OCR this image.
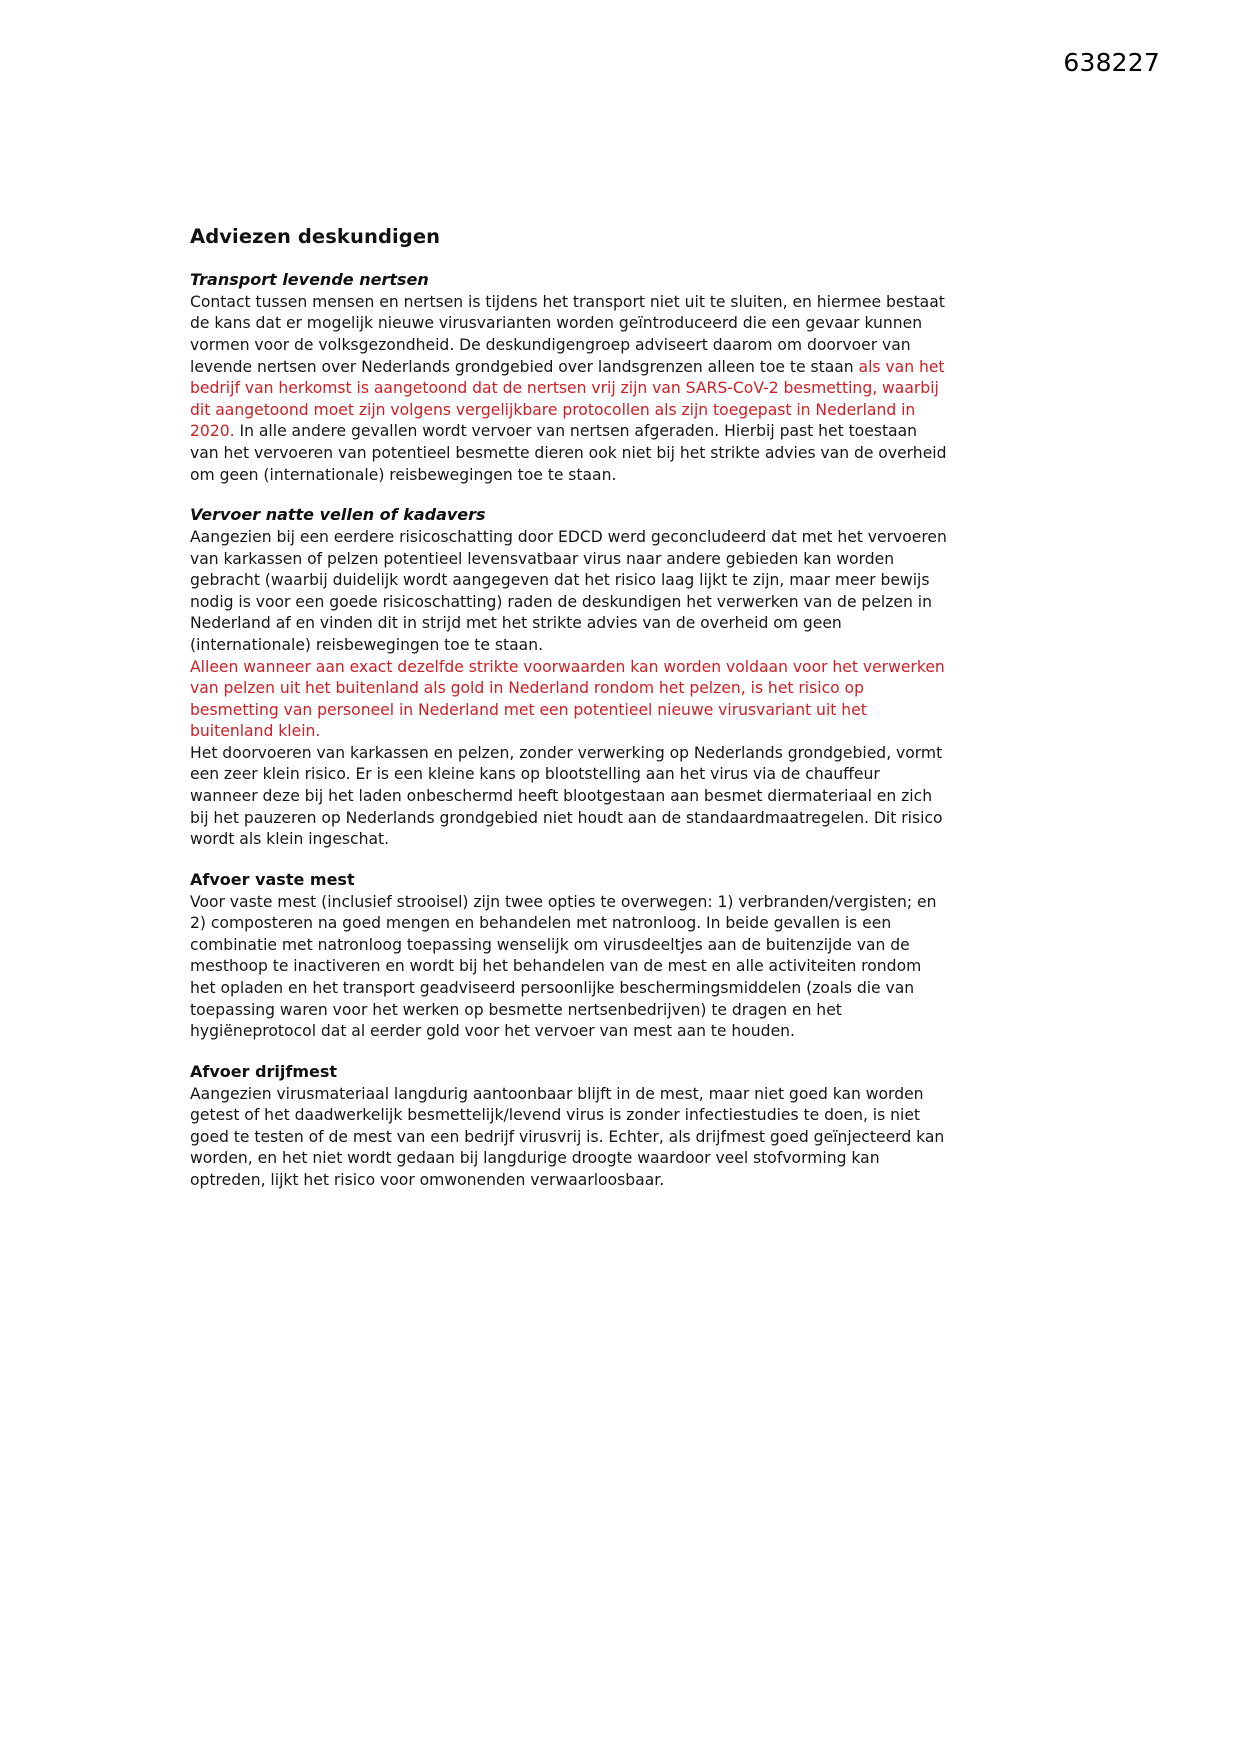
638227
Adviezen deskundigen
Transport levende nertsen

Contact tussen mensen en nertsen is tijdens het transport niet uit te sluiten, en hiermee bestaat de kans dat er mogelijk nieuwe virusvarianten worden geïntroduceerd die een gevaar kunnen vormen voor de volksgezondheid. De deskundigengroep adviseert daarom om doorvoer van levende nertsen over Nederlands grondgebied over landsgrenzen alleen toe te staan als van het bedrijf van herkomst is aangetoond dat de nertsen vrij zijn van SARS-CoV-2 besmetting, waarbij dit aangetoond moet zijn volgens vergelijkbare protocollen als zijn toegepast in Nederland in 2020. In alle andere gevallen wordt vervoer van nertsen afgeraden. Hierbij past het toestaan van het vervoeren van potentieel besmette dieren ook niet bij het strikte advies van de overheid om geen (internationale) reisbewegingen toe te staan.

Vervoer natte vellen of kadavers

Aangezien bij een eerdere risicoschatting door EDCD werd geconcludeerd dat met het vervoeren van karkassen of pelzen potentieel levensvatbaar virus naar andere gebieden kan worden gebracht (waarbij duidelijk wordt aangegeven dat het risico laag lijkt te zijn, maar meer bewijs nodig is voor een goede risicoschatting) raden de deskundigen het verwerken van de pelzen in Nederland af en vinden dit in strijd met het strikte advies van de overheid om geen (internationale) reisbewegingen toe te staan.

Alleen wanneer aan exact dezelfde strikte voorwaarden kan worden voldaan voor het verwerken van pelzen uit het buitenland als gold in Nederland rondom het pelzen, is het risico op besmetting van personeel in Nederland met een potentieel nieuwe virusvariant uit het buitenland klein.

Het doorvoeren van karkassen en pelzen, zonder verwerking op Nederlands grondgebied, vormt een zeer klein risico. Er is een kleine kans op blootstelling aan het virus via de chauffeur wanneer deze bij het laden onbeschermd heeft blootgestaan aan besmet diermateriaal en zich bij het pauzeren op Nederlands grondgebied niet houdt aan de standaardmaatregelen. Dit risico wordt als klein ingeschat.

Afvoer vaste mest

Voor vaste mest (inclusief strooisel) zijn twee opties te overwegen: 1) verbranden/vergisten; en 2) composteren na goed mengen en behandelen met natronloog. In beide gevallen is een combinatie met natronloog toepassing wenselijk om virusdeeltjes aan de buitenzijde van de mesthoop te inactiveren en wordt bij het behandelen van de mest en alle activiteiten rondom het opladen en het transport geadviseerd persoonlijke beschermingsmiddelen (zoals die van toepassing waren voor het werken op besmette nertsenbedrijven) te dragen en het hygiëneprotocol dat al eerder gold voor het vervoer van mest aan te houden.

Afvoer drijfmest

Aangezien virusmateriaal langdurig aantoonbaar blijft in de mest, maar niet goed kan worden getest of het daadwerkelijk besmettelijk/levend virus is zonder infectiestudies te doen, is niet goed te testen of de mest van een bedrijf virusvrij is. Echter, als drijfmest goed geïnjecteerd kan worden, en het niet wordt gedaan bij langdurige droogte waardoor veel stofvorming kan optreden, lijkt het risico voor omwonenden verwaarloosbaar.
